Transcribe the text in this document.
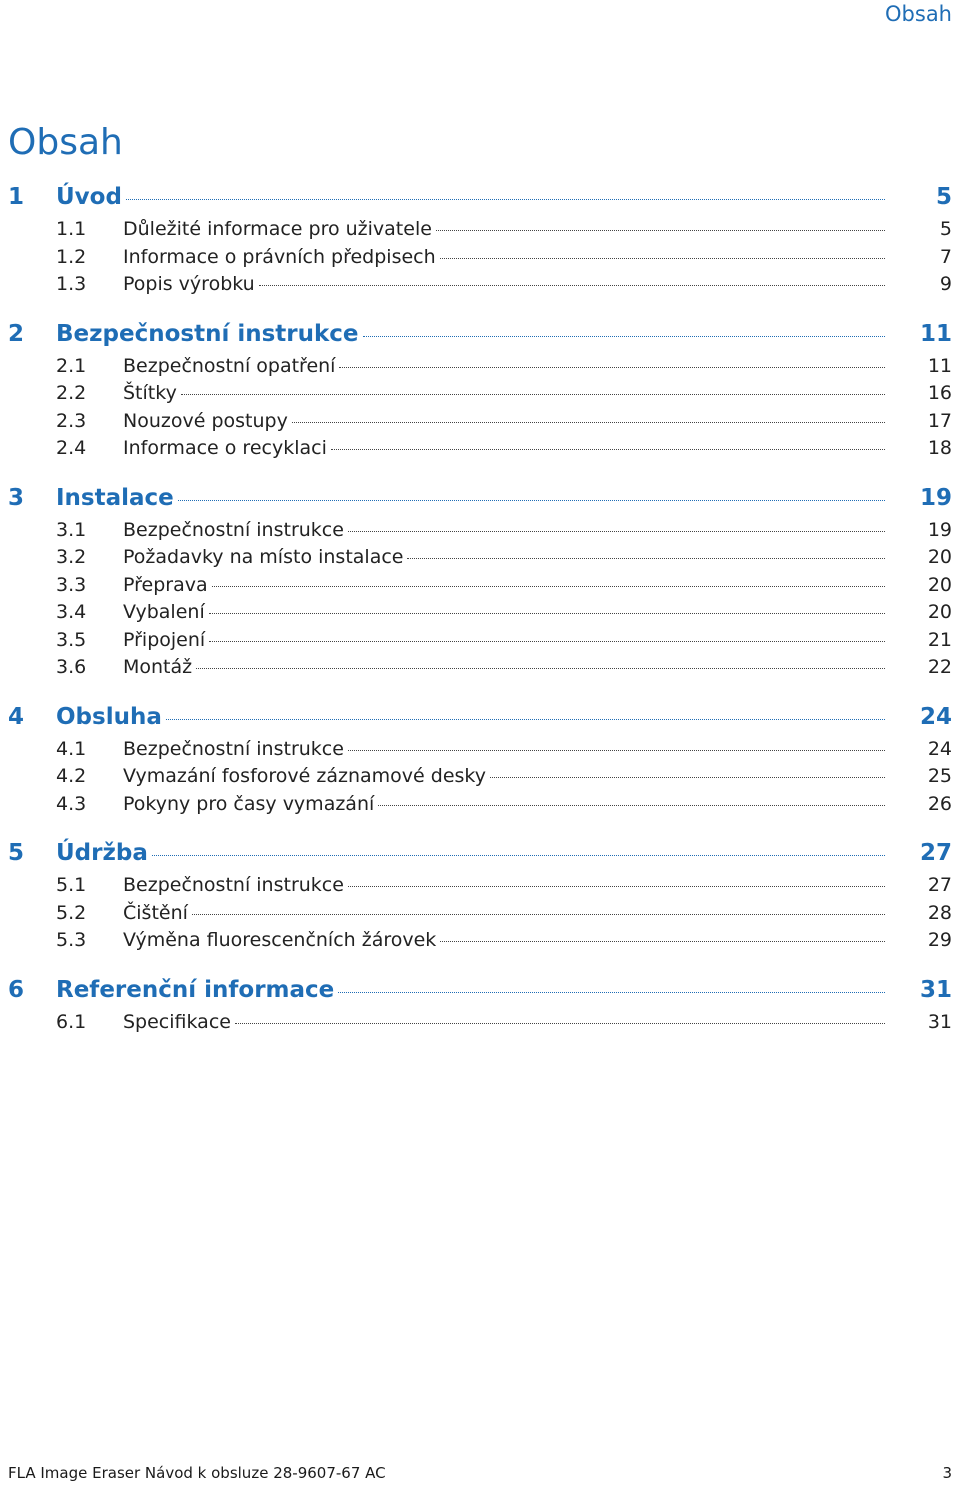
Obsah
Obsah
1 Úvod	5
1.1 Důležité informace pro uživatele	5
1.2 Informace o právních předpisech	7
1.3 Popis výrobku	9
2 Bezpečnostní instrukce	11
2.1 Bezpečnostní opatření	11
2.2 Štítky	16
2.3 Nouzové postupy	17
2.4 Informace o recyklaci	18
3 Instalace	19
3.1 Bezpečnostní instrukce	19
3.2 Požadavky na místo instalace	20
3.3 Přeprava	20
3.4 Vybalení	20
3.5 Připojení	21
3.6 Montáž	22
4 Obsluha	24
4.1 Bezpečnostní instrukce	24
4.2 Vymazání fosforové záznamové desky	25
4.3 Pokyny pro časy vymazání	26
5 Údržba	27
5.1 Bezpečnostní instrukce	27
5.2 Čištění	28
5.3 Výměna fluorescenčních žárovek	29
6 Referenční informace	31
6.1 Specifikace	31
FLA Image Eraser Návod k obsluze 28-9607-67 AC	3
